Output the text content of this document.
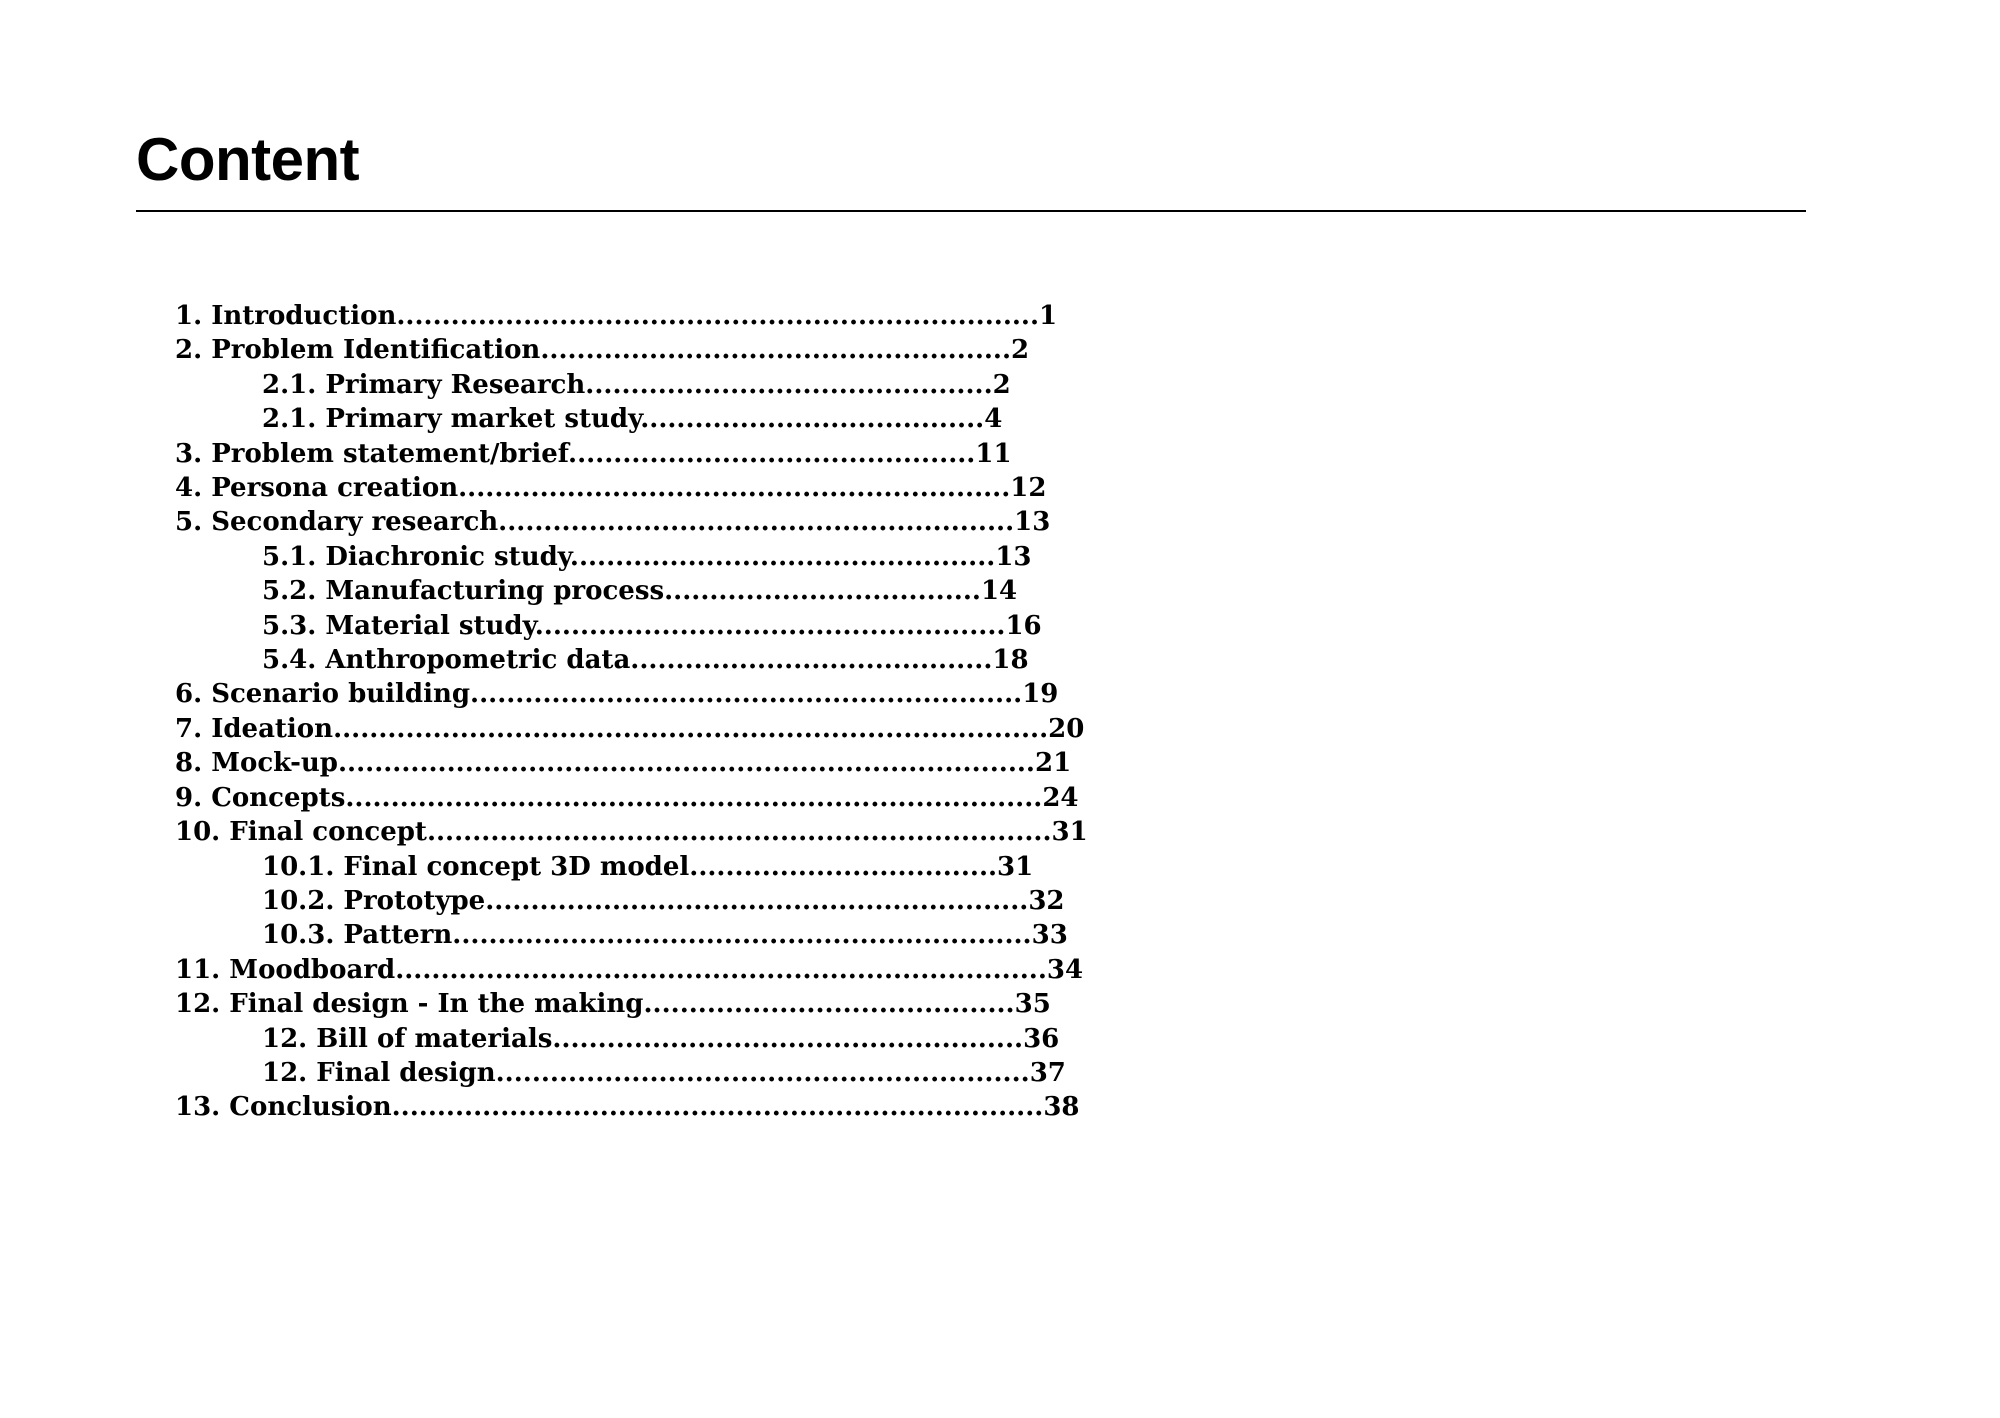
Content
1. Introduction.......................................................................1
2. Problem Identification....................................................2
2.1. Primary Research.............................................2
2.1. Primary market study......................................4
3. Problem statement/brief.............................................11
4. Persona creation.............................................................12
5. Secondary research.........................................................13
5.1. Diachronic study...............................................13
5.2. Manufacturing process...................................14
5.3. Material study....................................................16
5.4. Anthropometric data........................................18
6. Scenario building.............................................................19
7. Ideation...............................................................................20
8. Mock-up.............................................................................21
9. Concepts.............................................................................24
10. Final concept.....................................................................31
10.1. Final concept 3D model..................................31
10.2. Prototype............................................................32
10.3. Pattern................................................................33
11. Moodboard........................................................................34
12. Final design - In the making.........................................35
12. Bill of materials....................................................36
12. Final design...........................................................37
13. Conclusion........................................................................38
